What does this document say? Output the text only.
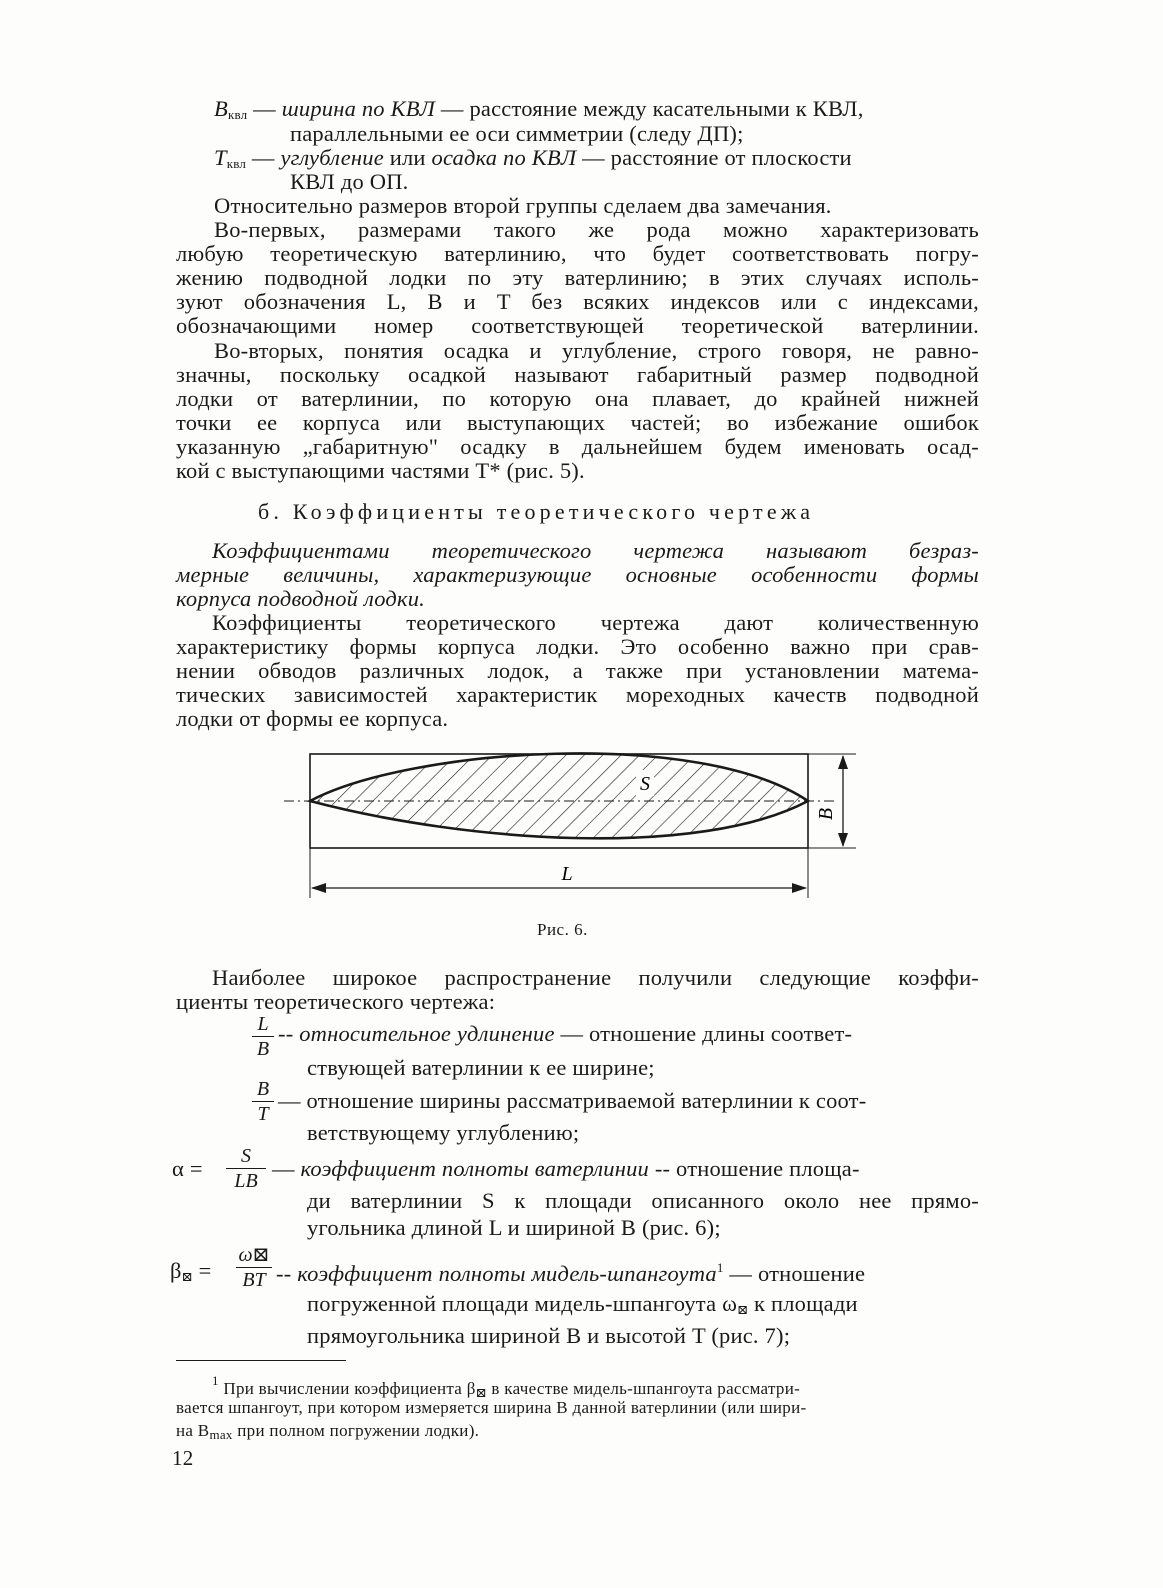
$B_{квл}$ — ширина по КВЛ — расстояние между касательными к КВЛ,
параллельными ее оси симметрии (следу ДП);
$T_{квл}$ — углубление или осадка по КВЛ — расстояние от плоскости
КВЛ до ОП.
Относительно размеров второй группы сделаем два замечания.
Во-первых, размерами такого же рода можно характеризовать
любую теоретическую ватерлинию, что будет соответствовать погру-
жению подводной лодки по эту ватерлинию; в этих случаях исполь-
зуют обозначения L, B и T без всяких индексов или с индексами,
обозначающими номер соответствующей теоретической ватерлинии.
Во-вторых, понятия осадка и углубление, строго говоря, не равно-
значны, поскольку осадкой называют габаритный размер подводной
лодки от ватерлинии, по которую она плавает, до крайней нижней
точки ее корпуса или выступающих частей; во избежание ошибок
указанную „габаритную" осадку в дальнейшем будем именовать осад-
кой с выступающими частями T* (рис. 5).
б. Коэффициенты теоретического чертежа
Коэффициентами теоретического чертежа называют безраз-
мерные величины, характеризующие основные особенности формы
корпуса подводной лодки.
Коэффициенты теоретического чертежа дают количественную
характеристику формы корпуса лодки. Это особенно важно при срав-
нении обводов различных лодок, а также при установлении матема-
тических зависимостей характеристик мореходных качеств подводной
лодки от формы ее корпуса.
S
B
L
Рис. 6.
Наиболее широкое распространение получили следующие коэффи-
циенты теоретического чертежа:
L
B
-- относительное удлинение — отношение длины соответ-
ствующей ватерлинии к ее ширине;
B
T
— отношение ширины рассматриваемой ватерлинии к соот-
ветствующему углублению;
α =	S
LB — коэффициент полноты ватерлинии -- отношение площа-
ди ватерлинии S к площади описанного около нее прямо-
угольника длиной L и шириной B (рис. 6);
$\beta_⊠$ =
ω⊠
BT -- коэффициент полноты мидель-шпангоута$^1$ — отношение
погруженной площади мидель-шпангоута $\omega_⊠$ к площади
прямоугольника шириной B и высотой T (рис. 7);
$^1$ При вычислении коэффициента $\beta_⊠$ в качестве мидель-шпангоута рассматри-
вается шпангоут, при котором измеряется ширина B данной ватерлинии (или шири-
на $B_{max}$ при полном погружении лодки).
12
